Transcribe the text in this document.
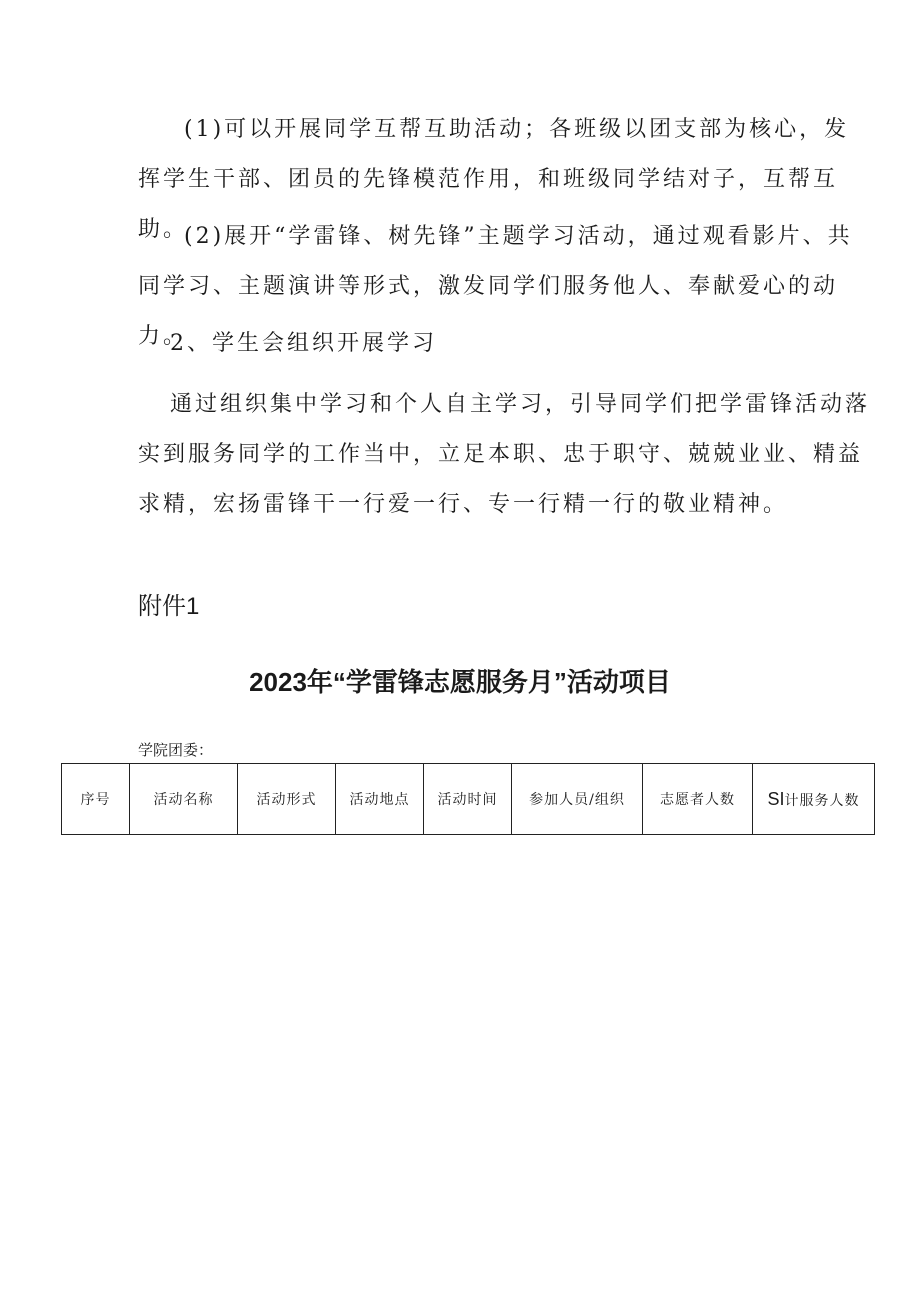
(1)可以开展同学互帮互助活动；各班级以团支部为核心，发挥学生干部、团员的先锋模范作用，和班级同学结对子，互帮互助。

(2)展开“学雷锋、树先锋”主题学习活动，通过观看影片、共同学习、主题演讲等形式，激发同学们服务他人、奉献爱心的动力。

2、学生会组织开展学习

通过组织集中学习和个人自主学习，引导同学们把学雷锋活动落实到服务同学的工作当中，立足本职、忠于职守、兢兢业业、精益求精，宏扬雷锋干一行爱一行、专一行精一行的敬业精神。

附件1

2023年“学雷锋志愿服务月”活动项目

学院团委：

序号	活动名称	活动形式	活动地点	活动时间	参加人员/组织	志愿者人数	SI计服务人数
